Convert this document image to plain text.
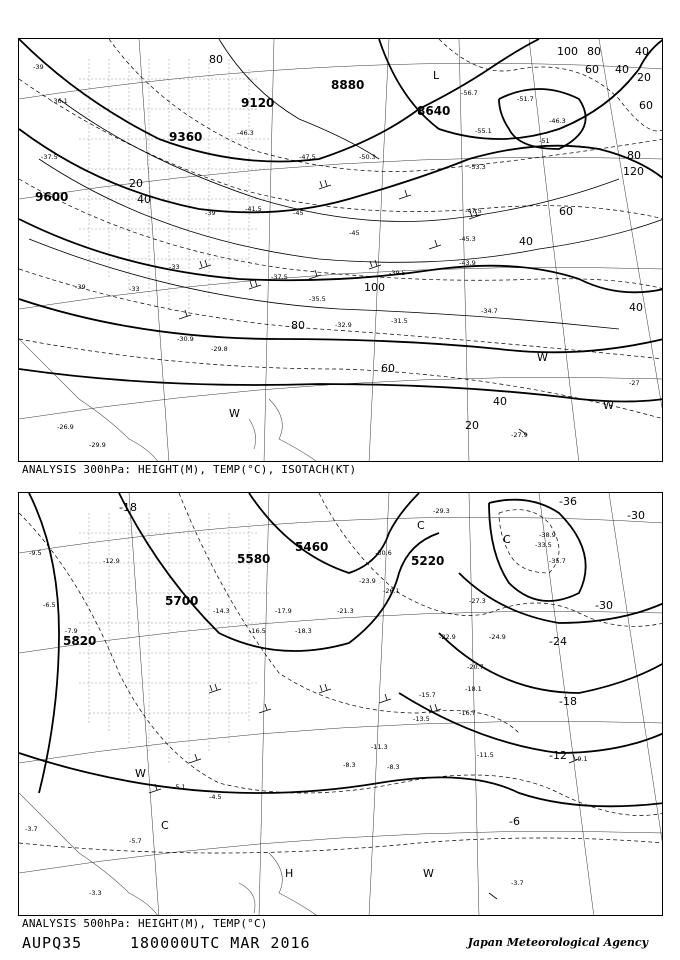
9120
9360
9600
8880
8640
80
100
80
60
40
20
100 80
60 40
40
20
60
80
120
60
40
40
20
40
L
W
W
W
-39
-36.1
-37.5
-33
-30.9
-29.8
-33
-39	-41.5	-45
-46.3
-47.5	-50.3
-53.3
-55.1
-56.7
-51.7
-46.3
-47.5
-45.3
-43.9
-39.5
-37.5
-34.7
-31.5
-32.9
-35.5
-27.9
-27
-26.9
-29.9
-39
-45
-51
ANALYSIS 300hPa: HEIGHT(M), TEMP(°C), ISOTACH(KT)
5700
5460
5580	5220
5820
-18	-36
-30
-30
-24
-18
-12
-6
C
C
C
H
W
W
-9.5
-6.5
-12.9
-14.3
-16.5
-17.9
-18.3
-21.3
-23.9
-26.1
-29.3
-30.6
-33.5
-35.7
-38.9
-27.3
-24.9
-22.9
-20.7
-18.1
-16.7
-15.7
-13.5
-11.3
-8.3
-7.9
-5.1
-4.5
-3.7
-3.3
-9.1
-11.5
-3.7
-5.7
-8.3
ANALYSIS 500hPa: HEIGHT(M), TEMP(°C)
AUPQ35	180000UTC MAR 2016	Japan Meteorological Agency
